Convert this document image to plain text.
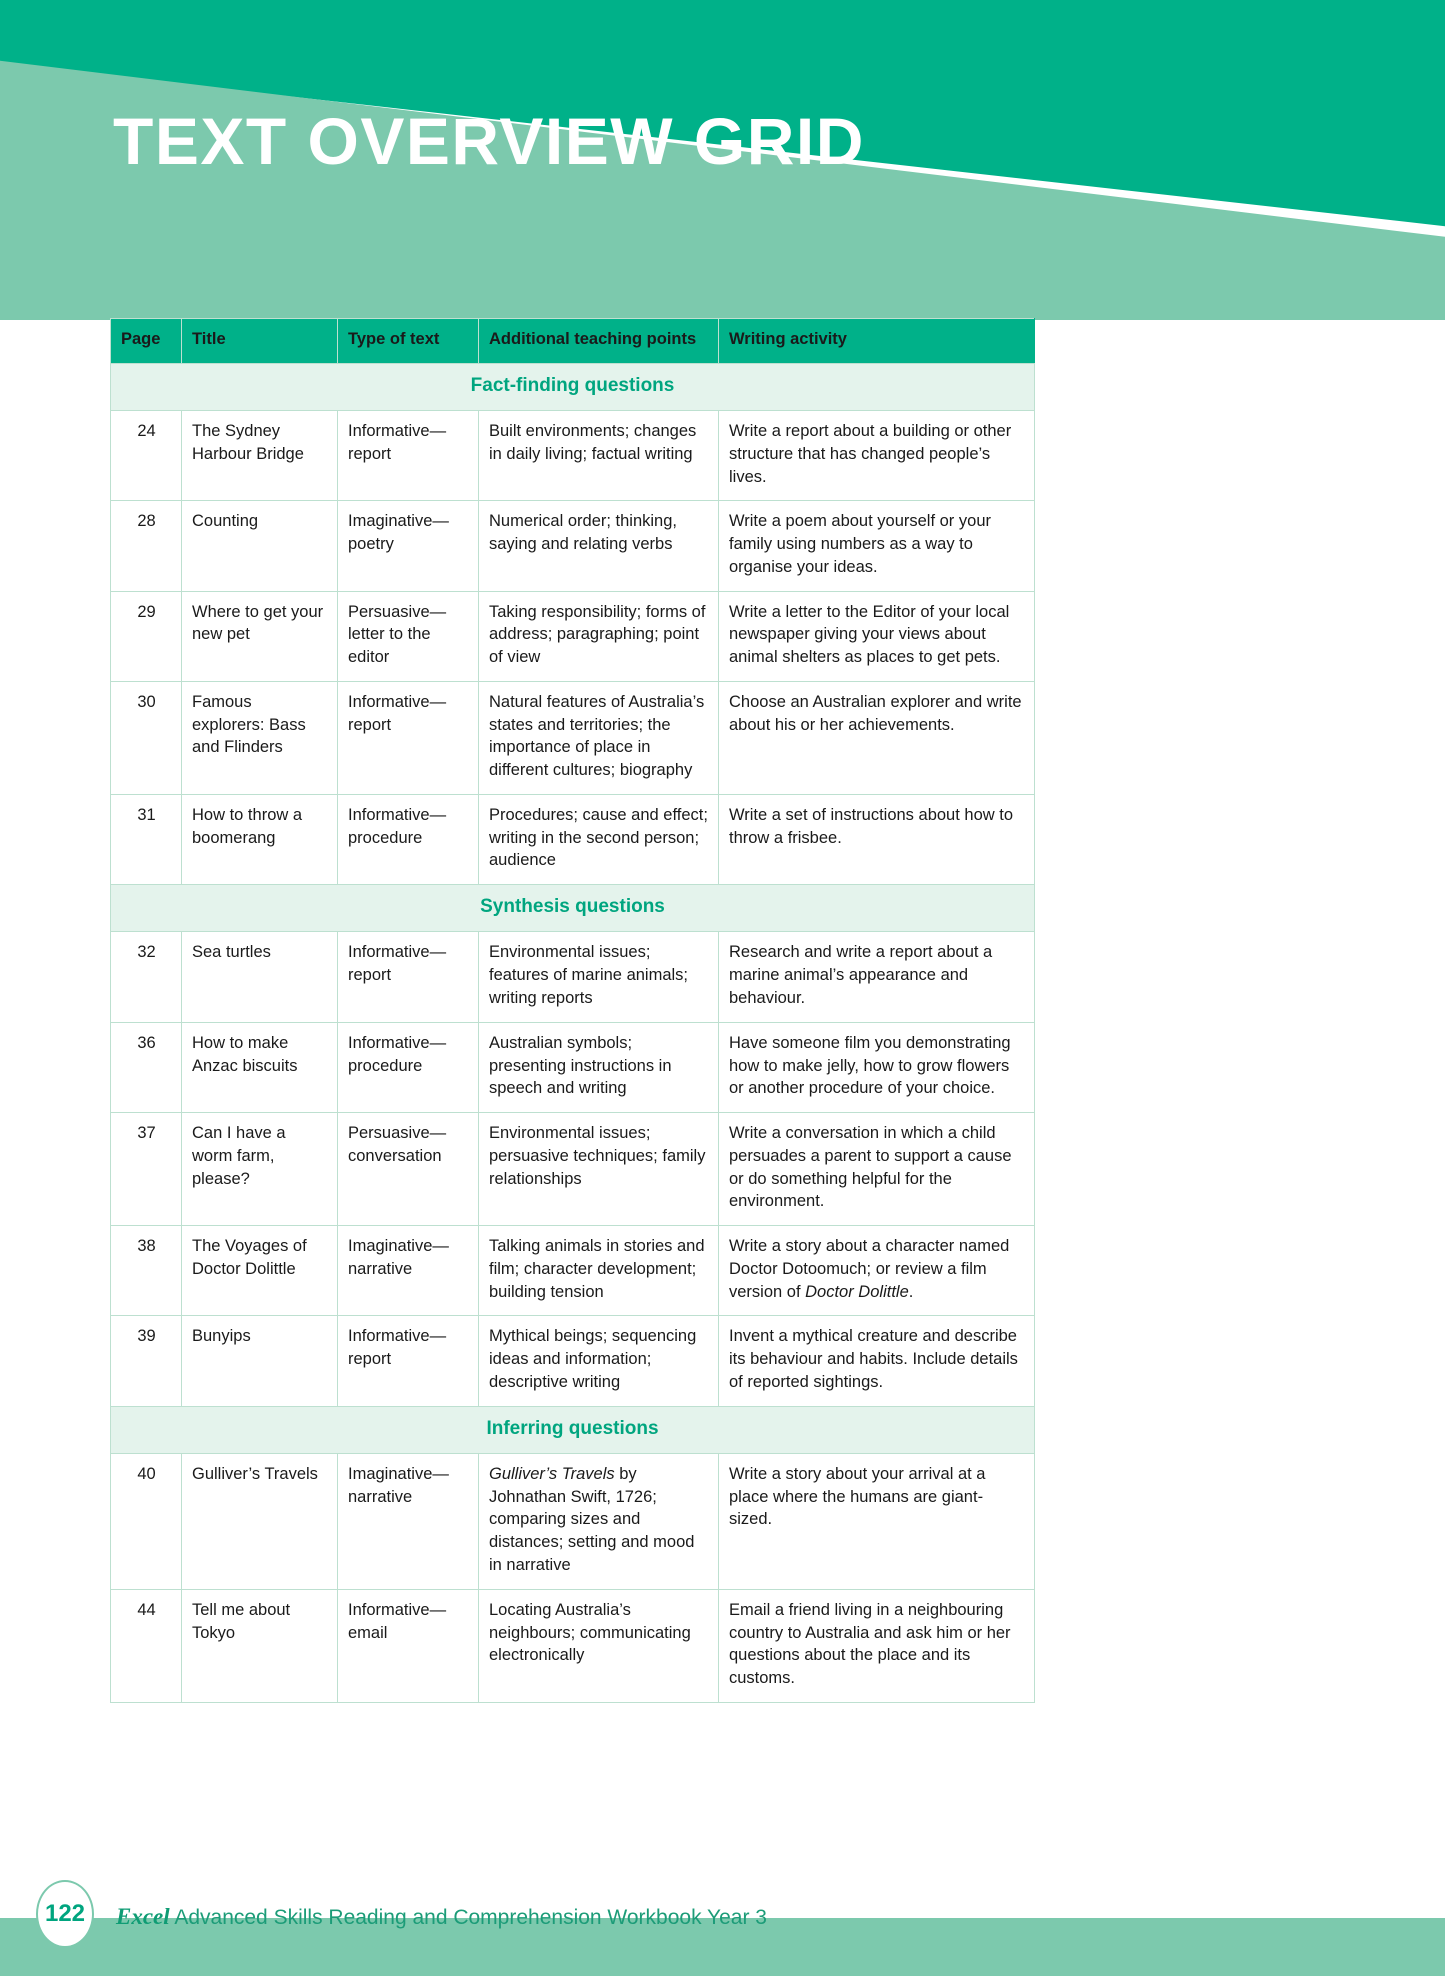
TEXT OVERVIEW GRID
Page	Title	Type of text	Additional teaching points	Writing activity
Fact-finding questions				
24	The Sydney Harbour Bridge	Informative—report	Built environments; changes in daily living; factual writing	Write a report about a building or other structure that has changed people’s lives.
28	Counting	Imaginative—poetry	Numerical order; thinking, saying and relating verbs	Write a poem about yourself or your family using numbers as a way to organise your ideas.
29	Where to get your new pet	Persuasive—letter to the editor	Taking responsibility; forms of address; paragraphing; point of view	Write a letter to the Editor of your local newspaper giving your views about animal shelters as places to get pets.
30	Famous explorers: Bass and Flinders	Informative—report	Natural features of Australia’s states and territories; the importance of place in different cultures; biography	Choose an Australian explorer and write about his or her achievements.
31	How to throw a boomerang	Informative—procedure	Procedures; cause and effect; writing in the second person; audience	Write a set of instructions about how to throw a frisbee.
Synthesis questions				
32	Sea turtles	Informative—report	Environmental issues; features of marine animals; writing reports	Research and write a report about a marine animal’s appearance and behaviour.
36	How to make Anzac biscuits	Informative—procedure	Australian symbols; presenting instructions in speech and writing	Have someone film you demonstrating how to make jelly, how to grow flowers or another procedure of your choice.
37	Can I have a worm farm, please?	Persuasive—conversation	Environmental issues; persuasive techniques; family relationships	Write a conversation in which a child persuades a parent to support a cause or do something helpful for the environment.
38	The Voyages of Doctor Dolittle	Imaginative—narrative	Talking animals in stories and film; character development; building tension	Write a story about a character named Doctor Dotoomuch; or review a film version of Doctor Dolittle.
39	Bunyips	Informative—report	Mythical beings; sequencing ideas and information; descriptive writing	Invent a mythical creature and describe its behaviour and habits. Include details of reported sightings.
Inferring questions				
40	Gulliver’s Travels	Imaginative—narrative	Gulliver’s Travels by Johnathan Swift, 1726; comparing sizes and distances; setting and mood in narrative	Write a story about your arrival at a place where the humans are giant-sized.
44	Tell me about Tokyo	Informative—email	Locating Australia’s neighbours; communicating electronically	Email a friend living in a neighbouring country to Australia and ask him or her questions about the place and its customs.
122	Excel Advanced Skills Reading and Comprehension Workbook Year 3
